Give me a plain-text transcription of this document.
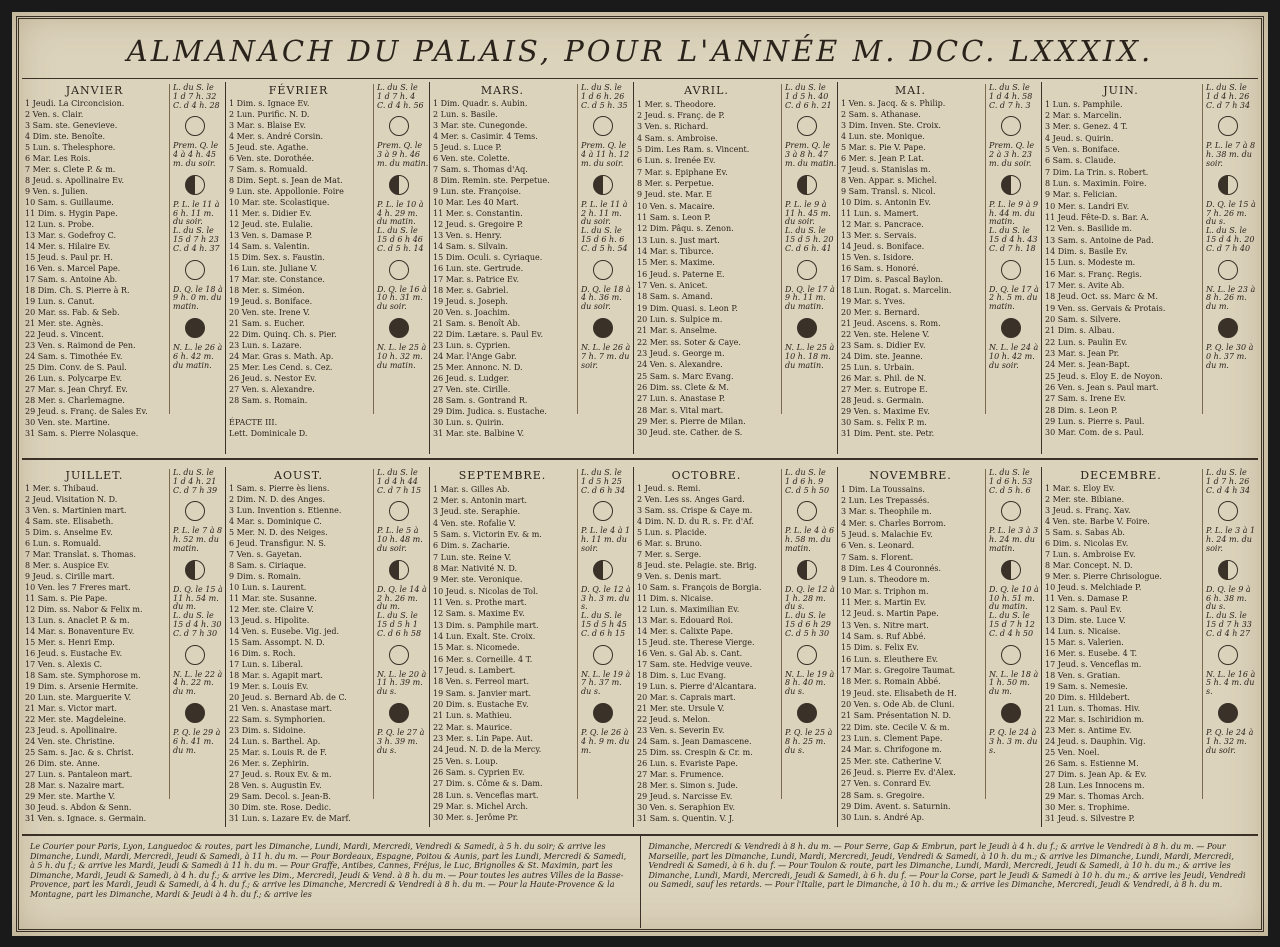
ALMANACH DU PALAIS, POUR L'ANNÉE M. DCC. LXXXIX.
JANVIER
1 Jeudi. La Circoncision.
2 Ven. s. Clair.
3 Sam. ste. Genevieve.
4 Dim. ste. Benoîte.
5 Lun. s. Thelesphore.
6 Mar. Les Rois.
7 Mer. s. Clete P. & m.
8 Jeud. s. Apollinaire Ev.
9 Ven. s. Julien.
10 Sam. s. Guillaume.
11 Dim. s. Hygin Pape.
12 Lun. s. Probe.
13 Mar. s. Godefroy C.
14 Mer. s. Hilaire Ev.
15 Jeud. s. Paul pr. H.
16 Ven. s. Marcel Pape.
17 Sam. s. Antoine Ab.
18 Dim. Ch. S. Pierre à R.
19 Lun. s. Canut.
20 Mar. ss. Fab. & Seb.
21 Mer. ste. Agnès.
22 Jeud. s. Vincent.
23 Ven. s. Raimond de Pen.
24 Sam. s. Timothée Ev.
25 Dim. Conv. de S. Paul.
26 Lun. s. Polycarpe Ev.
27 Mar. s. Jean Chryf. Ev.
28 Mer. s. Charlemagne.
29 Jeud. s. Franç. de Sales Ev.
30 Ven. ste. Martine.
31 Sam. s. Pierre Nolasque.
L. du S. le
1 d 7 h. 32
C. d 4 h. 28
Prem. Q. le 4 à 4 h. 45 m. du soir.
P. L. le 11 à 6 h. 11 m. du soir.
L. du S. le
15 d 7 h 23
C. d 4 h. 37
D. Q. le 18 à 9 h. 0 m. du matin.
N. L. le 26 à 6 h. 42 m. du matin.
FÉVRIER
1 Dim. s. Ignace Ev.
2 Lun. Purific. N. D.
3 Mar. s. Blaise Ev.
4 Mer. s. André Corsin.
5 Jeud. ste. Agathe.
6 Ven. ste. Dorothée.
7 Sam. s. Romuald.
8 Dim. Sept. s. Jean de Mat.
9 Lun. ste. Appollonie. Foire
10 Mar. ste. Scolastique.
11 Mer. s. Didier Ev.
12 Jeud. ste. Eulalie.
13 Ven. s. Damase P.
14 Sam. s. Valentin.
15 Dim. Sex. s. Faustin.
16 Lun. ste. Juliane V.
17 Mar. ste. Constance.
18 Mer. s. Siméon.
19 Jeud. s. Boniface.
20 Ven. ste. Irene V.
21 Sam. s. Eucher.
22 Dim. Quinq. Ch. s. Pier.
23 Lun. s. Lazare.
24 Mar. Gras s. Math. Ap.
25 Mer. Les Cend. s. Cez.
26 Jeud. s. Nestor Ev.
27 Ven. s. Alexandre.
28 Sam. s. Romain.
ÉPACTE III.
Lett. Dominicale D.
L. du S. le
1 d 7 h. 4
C. d 4 h. 56
Prem. Q. le 3 à 9 h. 46 m. du matin.
P. L. le 10 à 4 h. 29 m. du matin.
L. du S. le
15 d 6 h 46
C. d 5 h. 14
D. Q. le 16 à 10 h. 31 m. du soir.
N. L. le 25 à 10 h. 32 m. du matin.
MARS.
1 Dim. Quadr. s. Aubin.
2 Lun. s. Basile.
3 Mar. ste. Cunegonde.
4 Mer. s. Casimir. 4 Tems.
5 Jeud. s. Luce P.
6 Ven. ste. Colette.
7 Sam. s. Thomas d'Aq.
8 Dim. Remin. ste. Perpetue.
9 Lun. ste. Françoise.
10 Mar. Les 40 Mart.
11 Mer. s. Constantin.
12 Jeud. s. Gregoire P.
13 Ven. s. Henry.
14 Sam. s. Silvain.
15 Dim. Oculi. s. Cyriaque.
16 Lun. ste. Gertrude.
17 Mar. s. Patrice Ev.
18 Mer. s. Gabriel.
19 Jeud. s. Joseph.
20 Ven. s. Joachim.
21 Sam. s. Benoît Ab.
22 Dim. Lætare. s. Paul Ev.
23 Lun. s. Cyprien.
24 Mar. l'Ange Gabr.
25 Mer. Annonc. N. D.
26 Jeud. s. Ludger.
27 Ven. ste. Cirille.
28 Sam. s. Gontrand R.
29 Dim. Judica. s. Eustache.
30 Lun. s. Quirin.
31 Mar. ste. Balbine V.
L. du S. le
1 d 6 h. 26
C. d 5 h. 35
Prem. Q. le 4 à 11 h. 12 m. du soir.
P. L. le 11 à 2 h. 11 m. du soir.
L. du S. le
15 d 6 h. 6
C. d 5 h. 54
D. Q. le 18 à 4 h. 36 m. du soir.
N. L. le 26 à 7 h. 7 m. du soir.
AVRIL.
1 Mer. s. Theodore.
2 Jeud. s. Franç. de P.
3 Ven. s. Richard.
4 Sam. s. Ambroise.
5 Dim. Les Ram. s. Vincent.
6 Lun. s. Irenée Ev.
7 Mar. s. Epiphane Ev.
8 Mer. s. Perpetue.
9 Jeud. ste. Mar. E
10 Ven. s. Macaire.
11 Sam. s. Leon P.
12 Dim. Pâqu. s. Zenon.
13 Lun. s. Just mart.
14 Mar. s. Tiburce.
15 Mer. s. Maxime.
16 Jeud. s. Paterne E.
17 Ven. s. Anicet.
18 Sam. s. Amand.
19 Dim. Quasi. s. Leon P.
20 Lun. s. Sulpice m.
21 Mar. s. Anselme.
22 Mer. ss. Soter & Caye.
23 Jeud. s. George m.
24 Ven. s. Alexandre.
25 Sam. s. Marc Evang.
26 Dim. ss. Clete & M.
27 Lun. s. Anastase P.
28 Mar. s. Vital mart.
29 Mer. s. Pierre de Milan.
30 Jeud. ste. Cather. de S.
L. du S. le
1 d 5 h. 40
C. d 6 h. 21
Prem. Q. le 3 à 8 h. 47 m. du matin.
P. L. le 9 à 11 h. 45 m. du soir.
L. du S. le
15 d 5 h. 20
C. d 6 h. 41
D. Q. le 17 à 9 h. 11 m. du matin.
N. L. le 25 à 10 h. 18 m. du matin.
MAI.
1 Ven. s. Jacq. & s. Philip.
2 Sam. s. Athanase.
3 Dim. Inven. Ste. Croix.
4 Lun. ste. Monique.
5 Mar. s. Pie V. Pape.
6 Mer. s. Jean P. Lat.
7 Jeud. s. Stanislas m.
8 Ven. Appar. s. Michel.
9 Sam. Transl. s. Nicol.
10 Dim. s. Antonin Ev.
11 Lun. s. Mamert.
12 Mar. s. Pancrace.
13 Mer. s. Servais.
14 Jeud. s. Boniface.
15 Ven. s. Isidore.
16 Sam. s. Honoré.
17 Dim. s. Pascal Baylon.
18 Lun. Rogat. s. Marcelin.
19 Mar. s. Yves.
20 Mer. s. Bernard.
21 Jeud. Ascens. s. Rom.
22 Ven. ste. Helene V.
23 Sam. s. Didier Ev.
24 Dim. ste. Jeanne.
25 Lun. s. Urbain.
26 Mar. s. Phil. de N.
27 Mer. s. Eutrope E.
28 Jeud. s. Germain.
29 Ven. s. Maxime Ev.
30 Sam. s. Felix P. m.
31 Dim. Pent. ste. Petr.
L. du S. le
1 d 4 h. 58
C. d 7 h. 3
Prem. Q. le 2 à 3 h. 23 m. du soir.
P. L. le 9 à 9 h. 44 m. du matin.
L. du S. le
15 d 4 h. 43
C. d 7 h. 18
D. Q. le 17 à 2 h. 5 m. du matin.
N. L. le 24 à 10 h. 42 m. du soir.
JUIN.
1 Lun. s. Pamphile.
2 Mar. s. Marcelin.
3 Mer. s. Genez. 4 T.
4 Jeud. s. Quirin.
5 Ven. s. Boniface.
6 Sam. s. Claude.
7 Dim. La Trin. s. Robert.
8 Lun. s. Maximin. Foire.
9 Mar. s. Felician.
10 Mer. s. Landri Ev.
11 Jeud. Fête-D. s. Bar. A.
12 Ven. s. Basilide m.
13 Sam. s. Antoine de Pad.
14 Dim. s. Basile Ev.
15 Lun. s. Modeste m.
16 Mar. s. Franç. Regis.
17 Mer. s. Avite Ab.
18 Jeud. Oct. ss. Marc & M.
19 Ven. ss. Gervais & Protais.
20 Sam. s. Silvere.
21 Dim. s. Albau.
22 Lun. s. Paulin Ev.
23 Mar. s. Jean Pr.
24 Mer. s. Jean-Bapt.
25 Jeud. s. Eloy E. de Noyon.
26 Ven. s. Jean s. Paul mart.
27 Sam. s. Irene Ev.
28 Dim. s. Leon P.
29 Lun. s. Pierre s. Paul.
30 Mar. Com. de s. Paul.
L. du S. le
1 d 4 h. 26
C. d 7 h 34
P. L. le 7 à 8 h. 38 m. du soir.
D. Q. le 15 à 7 h. 26 m. du s.
L. du S. le
15 d 4 h. 20
C. d 7 h 40
N. L. le 23 à 8 h. 26 m. du m.
P. Q. le 30 à 0 h. 37 m. du m.
JUILLET.
1 Mer. s. Thibaud.
2 Jeud. Visitation N. D.
3 Ven. s. Martinien mart.
4 Sam. ste. Elisabeth.
5 Dim. s. Anselme Ev.
6 Lun. s. Romuald.
7 Mar. Translat. s. Thomas.
8 Mer. s. Auspice Ev.
9 Jeud. s. Cirille mart.
10 Ven. les 7 Freres mart.
11 Sam. s. Pie Pape.
12 Dim. ss. Nabor & Felix m.
13 Lun. s. Anaclet P. & m.
14 Mar. s. Bonaventure Ev.
15 Mer. s. Henri Emp.
16 Jeud. s. Eustache Ev.
17 Ven. s. Alexis C.
18 Sam. ste. Symphorose m.
19 Dim. s. Arsenie Hermite.
20 Lun. ste. Marguerite V.
21 Mar. s. Victor mart.
22 Mer. ste. Magdeleine.
23 Jeud. s. Apollinaire.
24 Ven. ste. Christine.
25 Sam. s. Jac. & s. Christ.
26 Dim. ste. Anne.
27 Lun. s. Pantaleon mart.
28 Mar. s. Nazaire mart.
29 Mer. ste. Marthe V.
30 Jeud. s. Abdon & Senn.
31 Ven. s. Ignace. s. Germain.
L. du S. le
1 d 4 h. 21
C. d 7 h 39
P. L. le 7 à 8 h. 52 m. du matin.
D. Q. le 15 à 11 h. 54 m. du m.
L. du S. le
15 d 4 h. 30
C. d 7 h 30
N. L. le 22 à 4 h. 22 m. du m.
P. Q. le 29 à 6 h. 41 m. du m.
AOUST.
1 Sam. s. Pierre ès liens.
2 Dim. N. D. des Anges.
3 Lun. Invention s. Etienne.
4 Mar. s. Dominique C.
5 Mer. N. D. des Neiges.
6 Jeud. Transfigur. N. S.
7 Ven. s. Gayetan.
8 Sam. s. Ciriaque.
9 Dim. s. Romain.
10 Lun. s. Laurent.
11 Mar. ste. Susanne.
12 Mer. ste. Claire V.
13 Jeud. s. Hipolite.
14 Ven. s. Eusebe. Vig. jed.
15 Sam. Assompt. N. D.
16 Dim. s. Roch.
17 Lun. s. Liberal.
18 Mar. s. Agapit mart.
19 Mer. s. Louis Ev.
20 Jeud. s. Bernard Ab. de C.
21 Ven. s. Anastase mart.
22 Sam. s. Symphorien.
23 Dim. s. Sidoine.
24 Lun. s. Barthel. Ap.
25 Mar. s. Louis R. de F.
26 Mer. s. Zephirin.
27 Jeud. s. Roux Ev. & m.
28 Ven. s. Augustin Ev.
29 Sam. Decol. s. Jean-B.
30 Dim. ste. Rose. Dedic.
31 Lun. s. Lazare Ev. de Marf.
L. du S. le
1 d 4 h 44
C. d 7 h 15
P. L. le 5 à 10 h. 48 m. du soir.
D. Q. le 14 à 2 h. 26 m. du m.
L. du S. le
15 d 5 h 1
C. d 6 h 58
N. L. le 20 à 11 h. 39 m. du s.
P. Q. le 27 à 3 h. 39 m. du s.
SEPTEMBRE.
1 Mar. s. Gilles Ab.
2 Mer. s. Antonin mart.
3 Jeud. ste. Seraphie.
4 Ven. ste. Rofalie V.
5 Sam. s. Victorin Ev. & m.
6 Dim. s. Zacharie.
7 Lun. ste. Reine V.
8 Mar. Nativité N. D.
9 Mer. ste. Veronique.
10 Jeud. s. Nicolas de Tol.
11 Ven. s. Prothe mart.
12 Sam. s. Maxime Ev.
13 Dim. s. Pamphile mart.
14 Lun. Exalt. Ste. Croix.
15 Mar. s. Nicomede.
16 Mer. s. Corneille. 4 T.
17 Jeud. s. Lambert.
18 Ven. s. Ferreol mart.
19 Sam. s. Janvier mart.
20 Dim. s. Eustache Ev.
21 Lun. s. Mathieu.
22 Mar. s. Maurice.
23 Mer. s. Lin Pape. Aut.
24 Jeud. N. D. de la Mercy.
25 Ven. s. Loup.
26 Sam. s. Cyprien Ev.
27 Dim. s. Côme & s. Dam.
28 Lun. s. Venceflas mart.
29 Mar. s. Michel Arch.
30 Mer. s. Jerôme Pr.
L. du S. le
1 d 5 h 25
C. d 6 h 34
P. L. le 4 à 1 h. 11 m. du soir.
D. Q. le 12 à 3 h. 3 m. du s.
L. du S. le
15 d 5 h 45
C. d 6 h 15
N. L. le 19 à 7 h. 37 m. du s.
P. Q. le 26 à 4 h. 9 m. du m.
OCTOBRE.
1 Jeud. s. Remi.
2 Ven. Les ss. Anges Gard.
3 Sam. ss. Crispe & Caye m.
4 Dim. N. D. du R. s. Fr. d'Af.
5 Lun. s. Placide.
6 Mar. s. Bruno.
7 Mer. s. Serge.
8 Jeud. ste. Pelagie. ste. Brig.
9 Ven. s. Denis mart.
10 Sam. s. François de Borgia.
11 Dim. s. Nicaise.
12 Lun. s. Maximilian Ev.
13 Mar. s. Edouard Roi.
14 Mer. s. Calixte Pape.
15 Jeud. ste. Therese Vierge.
16 Ven. s. Gal Ab. s. Cant.
17 Sam. ste. Hedvige veuve.
18 Dim. s. Luc Evang.
19 Lun. s. Pierre d'Alcantara.
20 Mar. s. Caprais mart.
21 Mer. ste. Ursule V.
22 Jeud. s. Melon.
23 Ven. s. Severin Ev.
24 Sam. s. Jean Damascene.
25 Dim. ss. Crespin & Cr. m.
26 Lun. s. Evariste Pape.
27 Mar. s. Frumence.
28 Mer. s. Simon s. Jude.
29 Jeud. s. Narcisse Ev.
30 Ven. s. Seraphion Ev.
31 Sam. s. Quentin. V. J.
L. du S. le
1 d 6 h. 9
C. d 5 h 50
P. L. le 4 à 6 h. 58 m. du matin.
D. Q. le 12 à 1 h. 28 m. du s.
L. du S. le
15 d 6 h 29
C. d 5 h 30
N. L. le 19 à 8 h. 40 m. du s.
P. Q. le 25 à 8 h. 25 m. du s.
NOVEMBRE.
1 Dim. La Toussains.
2 Lun. Les Trepassés.
3 Mar. s. Theophile m.
4 Mer. s. Charles Borrom.
5 Jeud. s. Malachie Ev.
6 Ven. s. Leonard.
7 Sam. s. Florent.
8 Dim. Les 4 Couronnés.
9 Lun. s. Theodore m.
10 Mar. s. Triphon m.
11 Mer. s. Martin Ev.
12 Jeud. s. Martin Pape.
13 Ven. s. Nitre mart.
14 Sam. s. Ruf Abbé.
15 Dim. s. Felix Ev.
16 Lun. s. Eleuthere Ev.
17 Mar. s. Gregoire Taumat.
18 Mer. s. Romain Abbé.
19 Jeud. ste. Elisabeth de H.
20 Ven. s. Ode Ab. de Cluni.
21 Sam. Présentation N. D.
22 Dim. ste. Cecile V. & m.
23 Lun. s. Clement Pape.
24 Mar. s. Chrifogone m.
25 Mer. ste. Catherine V.
26 Jeud. s. Pierre Ev. d'Alex.
27 Ven. s. Conrard Ev.
28 Sam. s. Gregoire.
29 Dim. Avent. s. Saturnin.
30 Lun. s. André Ap.
L. du S. le
1 d 6 h. 53
C. d 5 h. 6
P. L. le 3 à 3 h. 24 m. du matin.
D. Q. le 10 à 10 h. 51 m. du matin.
L. du S. le
15 d 7 h 12
C. d 4 h 50
N. L. le 18 à 1 h. 50 m. du m.
P. Q. le 24 à 3 h. 3 m. du s.
DECEMBRE.
1 Mar. s. Eloy Ev.
2 Mer. ste. Bibiane.
3 Jeud. s. Franç. Xav.
4 Ven. ste. Barbe V. Foire.
5 Sam. s. Sabas Ab.
6 Dim. s. Nicolas Ev.
7 Lun. s. Ambroise Ev.
8 Mar. Concept. N. D.
9 Mer. s. Pierre Chrisologue.
10 Jeud. s. Melchiade P.
11 Ven. s. Damase P.
12 Sam. s. Paul Ev.
13 Dim. ste. Luce V.
14 Lun. s. Nicaise.
15 Mar. s. Valerien.
16 Mer. s. Eusebe. 4 T.
17 Jeud. s. Venceflas m.
18 Ven. s. Gratian.
19 Sam. s. Nemesie.
20 Dim. s. Hildebert.
21 Lun. s. Thomas. Hiv.
22 Mar. s. Ischiridion m.
23 Mer. s. Antime Ev.
24 Jeud. s. Dauphin. Vig.
25 Ven. Noel.
26 Sam. s. Estienne M.
27 Dim. s. Jean Ap. & Ev.
28 Lun. Les Innocens m.
29 Mar. s. Thomas Arch.
30 Mer. s. Trophime.
31 Jeud. s. Silvestre P.
L. du S. le
1 d 7 h. 26
C. d 4 h 34
P. L. le 3 à 1 h. 24 m. du soir.
D. Q. le 9 à 6 h. 38 m. du s.
L. du S. le
15 d 7 h 33
C. d 4 h 27
N. L. le 16 à 5 h. 4 m. du s.
P. Q. le 24 à 1 h. 32 m. du soir.
Le Courier pour Paris, Lyon, Languedoc & routes, part les Dimanche, Lundi, Mardi, Mercredi, Vendredi & Samedi, à 5 h. du soir; & arrive les Dimanche, Lundi, Mardi, Mercredi, Jeudi & Samedi, à 11 h. du m. — Pour Bordeaux, Espagne, Poitou & Aunis, part les Lundi, Mercredi & Samedi, à 5 h. du f.; & arrive les Mardi, Jeudi & Samedi à 11 h. du m. — Pour Graffe, Antibes, Cannes, Fréjus, le Luc, Brignolles & St. Maximin, part les Dimanche, Mardi, Jeudi & Samedi, à 4 h. du f.; & arrive les Dim., Mercredi, Jeudi & Vend. à 8 h. du m. — Pour toutes les autres Villes de la Basse-Provence, part les Mardi, Jeudi & Samedi, à 4 h. du f.; & arrive les Dimanche, Mercredi & Vendredi à 8 h. du m. — Pour la Haute-Provence & la Montagne, part les Dimanche, Mardi & Jeudi à 4 h. du f.; & arrive les
Dimanche, Mercredi & Vendredi à 8 h. du m. — Pour Serre, Gap & Embrun, part le Jeudi à 4 h. du f.; & arrive le Vendredi à 8 h. du m. — Pour Marseille, part les Dimanche, Lundi, Mardi, Mercredi, Jeudi, Vendredi & Samedi, à 10 h. du m.; & arrive les Dimanche, Lundi, Mardi, Mercredi, Vendredi & Samedi, à 6 h. du f. — Pour Toulon & route, part les Dimanche, Lundi, Mardi, Mercredi, Jeudi & Samedi, à 10 h. du m.; & arrive les Dimanche, Lundi, Mardi, Mercredi, Jeudi & Samedi, à 6 h. du f. — Pour la Corse, part le Jeudi & Samedi à 10 h. du m.; & arrive les Jeudi, Vendredi ou Samedi, sauf les retards. — Pour l'Italie, part le Dimanche, à 10 h. du m.; & arrive les Dimanche, Mercredi, Jeudi & Vendredi, à 8 h. du m.
